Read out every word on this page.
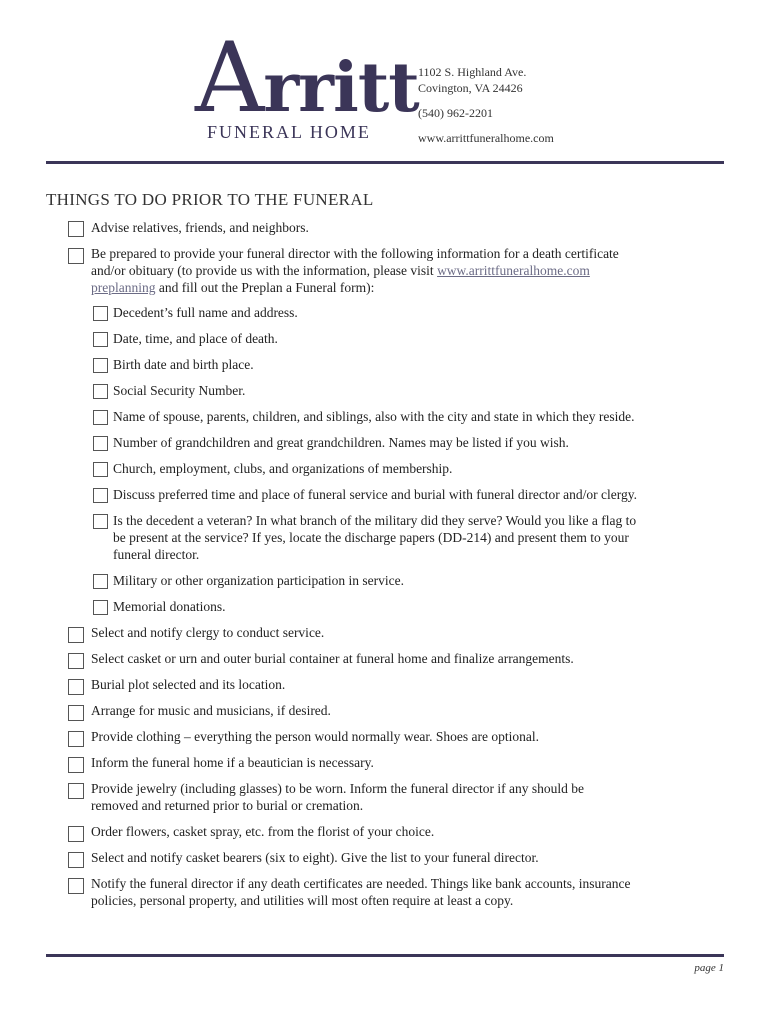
Arritt
FUNERAL HOME
1102 S. Highland Ave.
Covington, VA 24426
(540) 962-2201
www.arrittfuneralhome.com
THINGS TO DO PRIOR TO THE FUNERAL
Advise relatives, friends, and neighbors.
Be prepared to provide your funeral director with the following information for a death certificate
and/or obituary (to provide us with the information, please visit www.arrittfuneralhome.com
preplanning and fill out the Preplan a Funeral form):
Decedent’s full name and address.
Date, time, and place of death.
Birth date and birth place.
Social Security Number.
Name of spouse, parents, children, and siblings, also with the city and state in which they reside.
Number of grandchildren and great grandchildren. Names may be listed if you wish.
Church, employment, clubs, and organizations of membership.
Discuss preferred time and place of funeral service and burial with funeral director and/or clergy.
Is the decedent a veteran? In what branch of the military did they serve? Would you like a flag to
be present at the service? If yes, locate the discharge papers (DD-214) and present them to your
funeral director.
Military or other organization participation in service.
Memorial donations.
Select and notify clergy to conduct service.
Select casket or urn and outer burial container at funeral home and finalize arrangements.
Burial plot selected and its location.
Arrange for music and musicians, if desired.
Provide clothing – everything the person would normally wear. Shoes are optional.
Inform the funeral home if a beautician is necessary.
Provide jewelry (including glasses) to be worn. Inform the funeral director if any should be
removed and returned prior to burial or cremation.
Order flowers, casket spray, etc. from the florist of your choice.
Select and notify casket bearers (six to eight). Give the list to your funeral director.
Notify the funeral director if any death certificates are needed. Things like bank accounts, insurance
policies, personal property, and utilities will most often require at least a copy.
page 1
